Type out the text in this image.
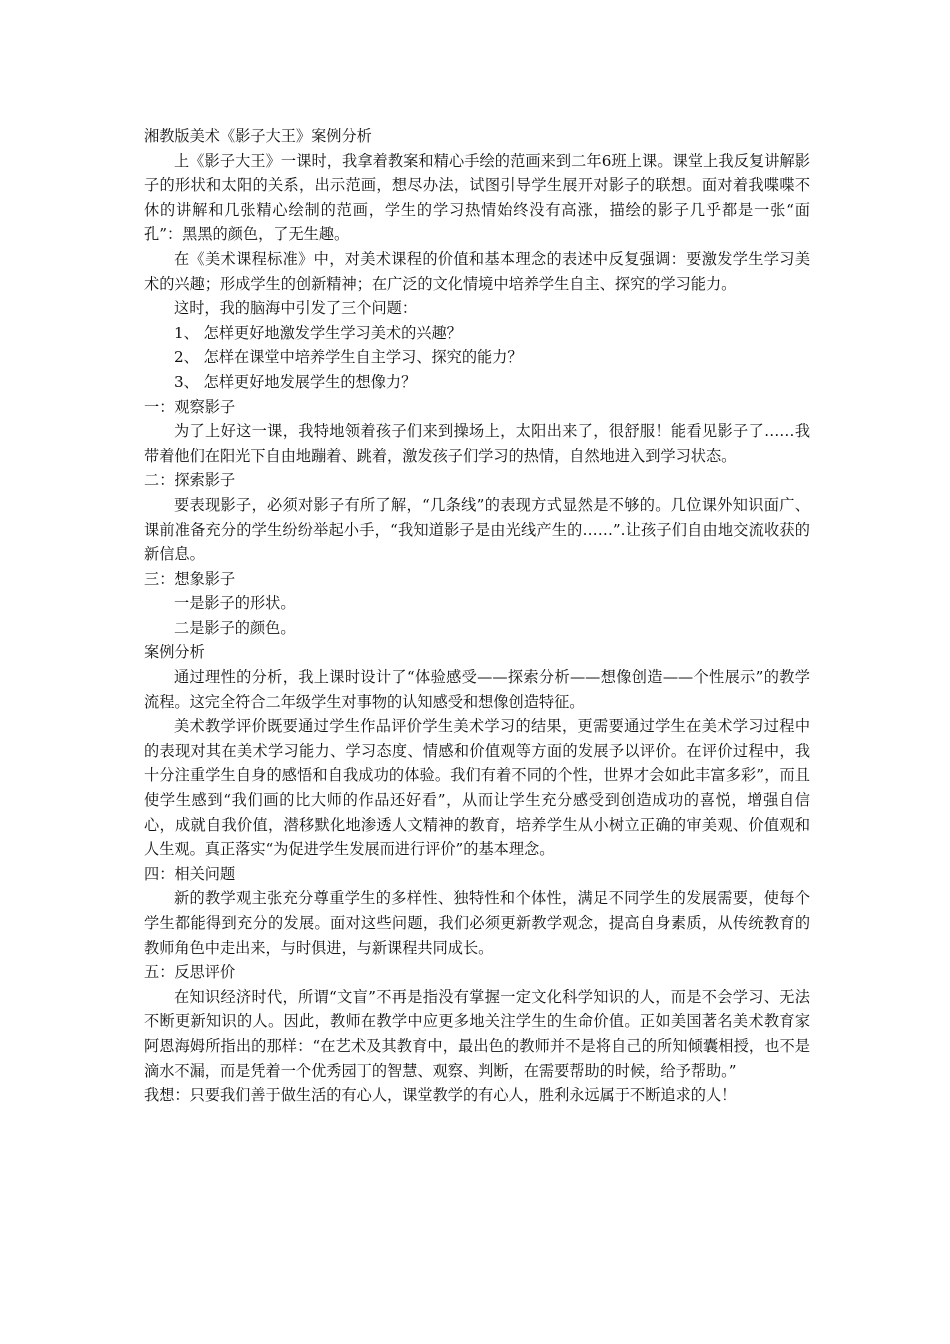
湘教版美术《影子大王》案例分析

上《影子大王》一课时，我拿着教案和精心手绘的范画来到二年6班上课。课堂上我反复讲解影子的形状和太阳的关系，出示范画，想尽办法，试图引导学生展开对影子的联想。面对着我喋喋不休的讲解和几张精心绘制的范画，学生的学习热情始终没有高涨，描绘的影子几乎都是一张“面孔”：黑黑的颜色，了无生趣。

在《美术课程标准》中，对美术课程的价值和基本理念的表述中反复强调：要激发学生学习美术的兴趣；形成学生的创新精神；在广泛的文化情境中培养学生自主、探究的学习能力。

这时，我的脑海中引发了三个问题：

1、 怎样更好地激发学生学习美术的兴趣？

2、 怎样在课堂中培养学生自主学习、探究的能力？

3、 怎样更好地发展学生的想像力？

一：观察影子

为了上好这一课，我特地领着孩子们来到操场上，太阳出来了，很舒服！能看见影子了……我带着他们在阳光下自由地蹦着、跳着，激发孩子们学习的热情，自然地进入到学习状态。

二：探索影子

要表现影子，必须对影子有所了解，“几条线”的表现方式显然是不够的。几位课外知识面广、课前准备充分的学生纷纷举起小手，“我知道影子是由光线产生的……”.让孩子们自由地交流收获的新信息。

三：想象影子

一是影子的形状。

二是影子的颜色。

案例分析

通过理性的分析，我上课时设计了“体验感受——探索分析——想像创造——个性展示”的教学流程。这完全符合二年级学生对事物的认知感受和想像创造特征。

美术教学评价既要通过学生作品评价学生美术学习的结果，更需要通过学生在美术学习过程中的表现对其在美术学习能力、学习态度、情感和价值观等方面的发展予以评价。在评价过程中，我十分注重学生自身的感悟和自我成功的体验。我们有着不同的个性，世界才会如此丰富多彩”，而且使学生感到“我们画的比大师的作品还好看”，从而让学生充分感受到创造成功的喜悦，增强自信心，成就自我价值，潜移默化地渗透人文精神的教育，培养学生从小树立正确的审美观、价值观和人生观。真正落实“为促进学生发展而进行评价”的基本理念。

四：相关问题

新的教学观主张充分尊重学生的多样性、独特性和个体性，满足不同学生的发展需要，使每个学生都能得到充分的发展。面对这些问题，我们必须更新教学观念，提高自身素质，从传统教育的教师角色中走出来，与时俱进，与新课程共同成长。

五：反思评价

在知识经济时代，所谓“文盲”不再是指没有掌握一定文化科学知识的人，而是不会学习、无法不断更新知识的人。因此，教师在教学中应更多地关注学生的生命价值。正如美国著名美术教育家阿恩海姆所指出的那样：“在艺术及其教育中，最出色的教师并不是将自己的所知倾囊相授，也不是滴水不漏，而是凭着一个优秀园丁的智慧、观察、判断，在需要帮助的时候，给予帮助。”

我想：只要我们善于做生活的有心人，课堂教学的有心人，胜利永远属于不断追求的人！
